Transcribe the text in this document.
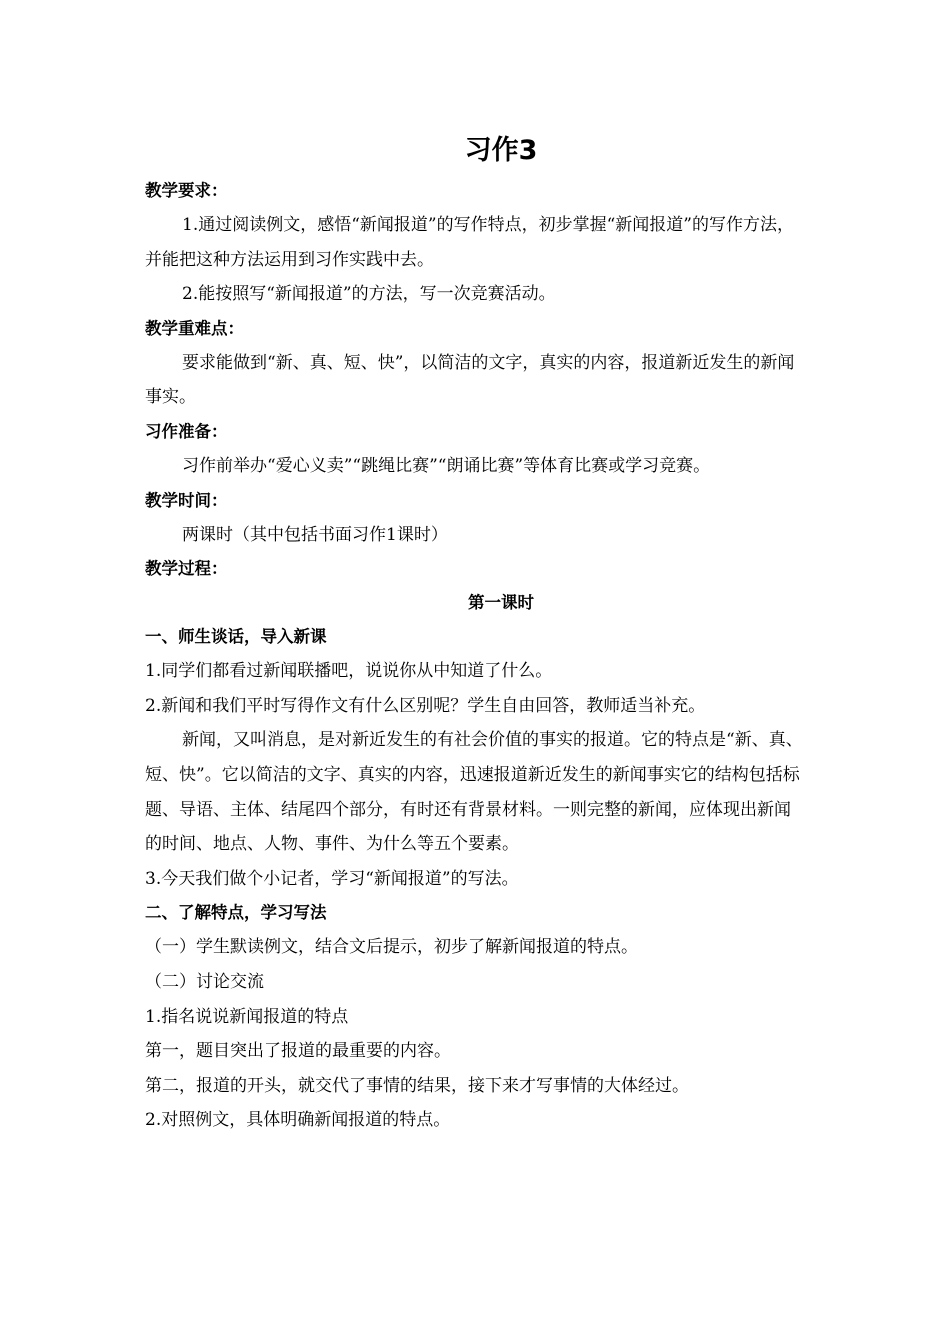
习作3
教学要求：
1.通过阅读例文，感悟“新闻报道”的写作特点，初步掌握“新闻报道”的写作方法，并能把这种方法运用到习作实践中去。
2.能按照写“新闻报道”的方法，写一次竞赛活动。
教学重难点：
要求能做到“新、真、短、快”，以简洁的文字，真实的内容，报道新近发生的新闻事实。
习作准备：
习作前举办“爱心义卖”“跳绳比赛”“朗诵比赛”等体育比赛或学习竞赛。
教学时间：
两课时（其中包括书面习作1课时）
教学过程：
第一课时
一、师生谈话，导入新课
1.同学们都看过新闻联播吧，说说你从中知道了什么。
2.新闻和我们平时写得作文有什么区别呢？学生自由回答，教师适当补充。
新闻，又叫消息，是对新近发生的有社会价值的事实的报道。它的特点是“新、真、短、快”。它以简洁的文字、真实的内容，迅速报道新近发生的新闻事实它的结构包括标题、导语、主体、结尾四个部分，有时还有背景材料。一则完整的新闻，应体现出新闻的时间、地点、人物、事件、为什么等五个要素。
3.今天我们做个小记者，学习“新闻报道”的写法。
二、了解特点，学习写法
（一）学生默读例文，结合文后提示，初步了解新闻报道的特点。
（二）讨论交流
1.指名说说新闻报道的特点
第一，题目突出了报道的最重要的内容。
第二，报道的开头，就交代了事情的结果，接下来才写事情的大体经过。
2.对照例文，具体明确新闻报道的特点。
